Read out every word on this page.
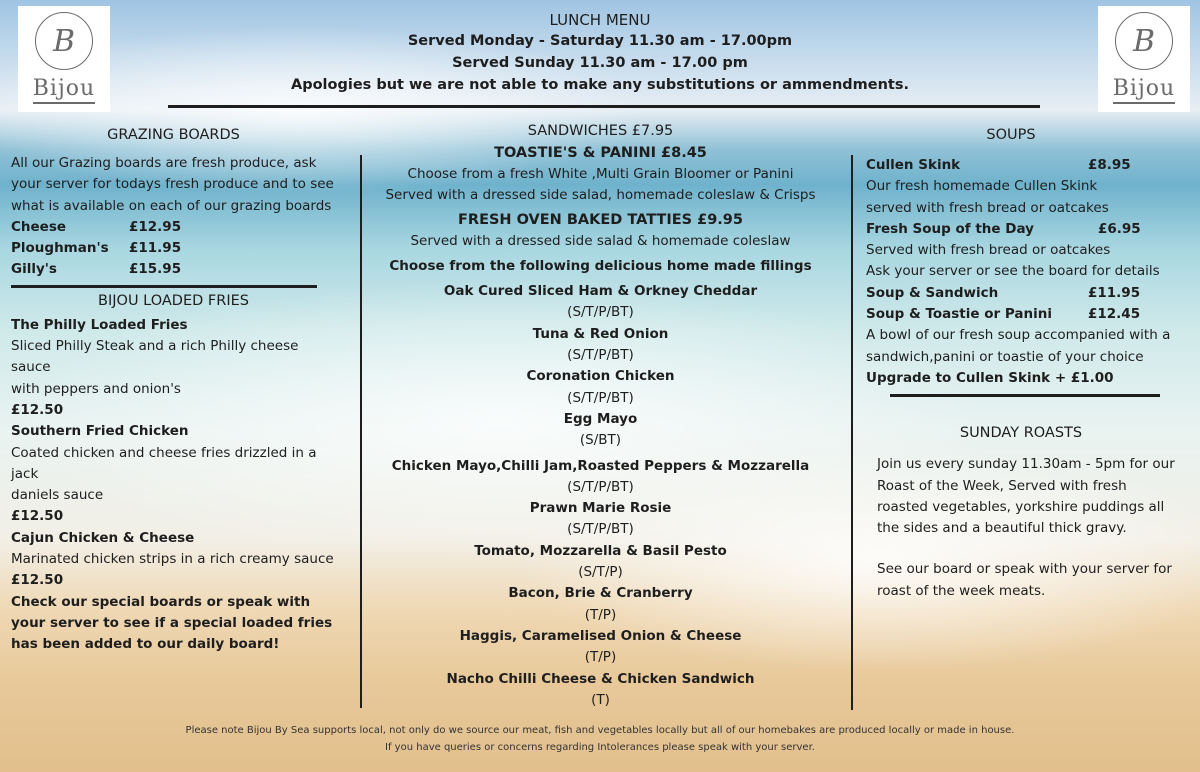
B
Bijou
B
Bijou
LUNCH MENU
Served Monday - Saturday 11.30 am - 17.00pm
Served Sunday 11.30 am - 17.00 pm
Apologies but we are not able to make any substitutions or ammendments.
GRAZING BOARDS
All our Grazing boards are fresh produce, ask your server for todays fresh produce and to see what is available on each of our grazing boards
Cheese	£12.95
Ploughman's	£11.95
Gilly's	£15.95
BIJOU LOADED FRIES
The Philly Loaded Fries
Sliced Philly Steak and a rich Philly cheese sauce
with peppers and onion's
£12.50
Southern Fried Chicken
Coated chicken and cheese fries drizzled in a jack
daniels sauce
£12.50
Cajun Chicken & Cheese
Marinated chicken strips in a rich creamy sauce
£12.50
Check our special boards or speak with your server to see if a special loaded fries has been added to our daily board!
SANDWICHES £7.95
TOASTIE'S & PANINI £8.45
Choose from a fresh White ,Multi Grain Bloomer or Panini
Served with a dressed side salad, homemade coleslaw & Crisps
FRESH OVEN BAKED TATTIES £9.95
Served with a dressed side salad & homemade coleslaw
Choose from the following delicious home made fillings
Oak Cured Sliced Ham & Orkney Cheddar
(S/T/P/BT)
Tuna & Red Onion
(S/T/P/BT)
Coronation Chicken
(S/T/P/BT)
Egg Mayo
(S/BT)
Chicken Mayo,Chilli Jam,Roasted Peppers & Mozzarella
(S/T/P/BT)
Prawn Marie Rosie
(S/T/P/BT)
Tomato, Mozzarella & Basil Pesto
(S/T/P)
Bacon, Brie & Cranberry
(T/P)
Haggis, Caramelised Onion & Cheese
(T/P)
Nacho Chilli Cheese & Chicken Sandwich
(T)
SOUPS
Cullen Skink	£8.95
Our fresh homemade Cullen Skink
served with fresh bread or oatcakes
Fresh Soup of the Day	£6.95
Served with fresh bread or oatcakes
Ask your server or see the board for details
Soup & Sandwich	£11.95
Soup & Toastie or Panini	£12.45
A bowl of our fresh soup accompanied with a sandwich,panini or toastie of your choice
Upgrade to Cullen Skink + £1.00
SUNDAY ROASTS
Join us every sunday 11.30am - 5pm for our Roast of the Week, Served with fresh roasted vegetables, yorkshire puddings all the sides and a beautiful thick gravy.
See our board or speak with your server for roast of the week meats.
Please note Bijou By Sea supports local, not only do we source our meat, fish and vegetables locally but all of our homebakes are produced locally or made in house.
If you have queries or concerns regarding Intolerances please speak with your server.
